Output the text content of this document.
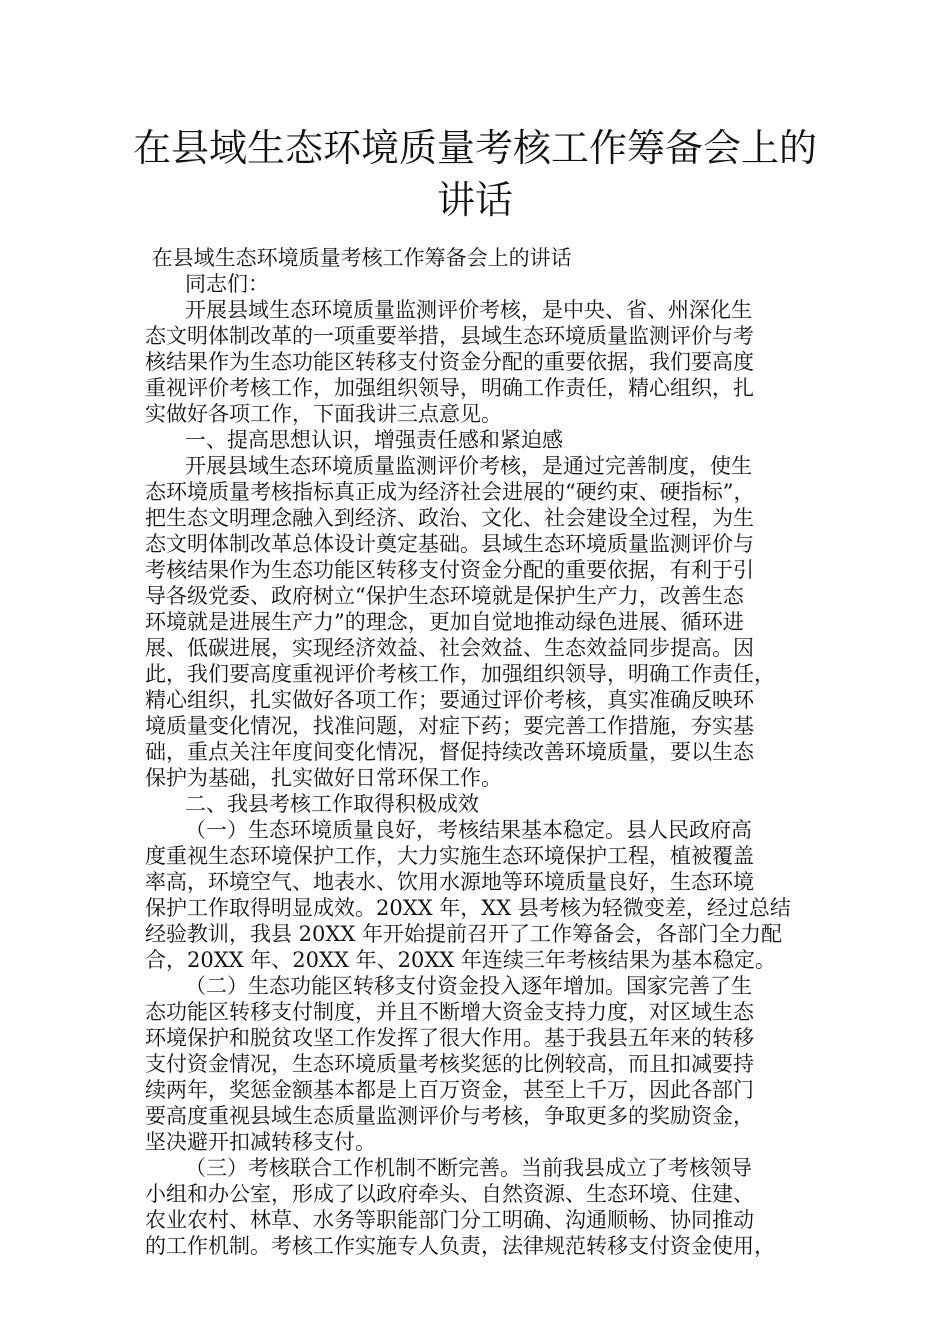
在县域生态环境质量考核工作筹备会上的
讲话
在县域生态环境质量考核工作筹备会上的讲话
同志们：
开展县域生态环境质量监测评价考核，是中央、省、州深化生
态文明体制改革的一项重要举措，县域生态环境质量监测评价与考
核结果作为生态功能区转移支付资金分配的重要依据，我们要高度
重视评价考核工作，加强组织领导，明确工作责任，精心组织，扎
实做好各项工作，下面我讲三点意见。
一、提高思想认识，增强责任感和紧迫感
开展县域生态环境质量监测评价考核，是通过完善制度，使生
态环境质量考核指标真正成为经济社会进展的“硬约束、硬指标”，
把生态文明理念融入到经济、政治、文化、社会建设全过程，为生
态文明体制改革总体设计奠定基础。县域生态环境质量监测评价与
考核结果作为生态功能区转移支付资金分配的重要依据，有利于引
导各级党委、政府树立“保护生态环境就是保护生产力，改善生态
环境就是进展生产力”的理念，更加自觉地推动绿色进展、循环进
展、低碳进展，实现经济效益、社会效益、生态效益同步提高。因
此，我们要高度重视评价考核工作，加强组织领导，明确工作责任，
精心组织，扎实做好各项工作；要通过评价考核，真实准确反映环
境质量变化情况，找准问题，对症下药；要完善工作措施，夯实基
础，重点关注年度间变化情况，督促持续改善环境质量，要以生态
保护为基础，扎实做好日常环保工作。
二、我县考核工作取得积极成效
（一）生态环境质量良好，考核结果基本稳定。县人民政府高
度重视生态环境保护工作，大力实施生态环境保护工程，植被覆盖
率高，环境空气、地表水、饮用水源地等环境质量良好，生态环境
保护工作取得明显成效。20XX 年，XX 县考核为轻微变差，经过总结
经验教训，我县 20XX 年开始提前召开了工作筹备会，各部门全力配
合，20XX 年、20XX 年、20XX 年连续三年考核结果为基本稳定。
（二）生态功能区转移支付资金投入逐年增加。国家完善了生
态功能区转移支付制度，并且不断增大资金支持力度，对区域生态
环境保护和脱贫攻坚工作发挥了很大作用。基于我县五年来的转移
支付资金情况，生态环境质量考核奖惩的比例较高，而且扣减要持
续两年，奖惩金额基本都是上百万资金，甚至上千万，因此各部门
要高度重视县域生态质量监测评价与考核，争取更多的奖励资金，
坚决避开扣减转移支付。
（三）考核联合工作机制不断完善。当前我县成立了考核领导
小组和办公室，形成了以政府牵头、自然资源、生态环境、住建、
农业农村、林草、水务等职能部门分工明确、沟通顺畅、协同推动
的工作机制。考核工作实施专人负责，法律规范转移支付资金使用，
